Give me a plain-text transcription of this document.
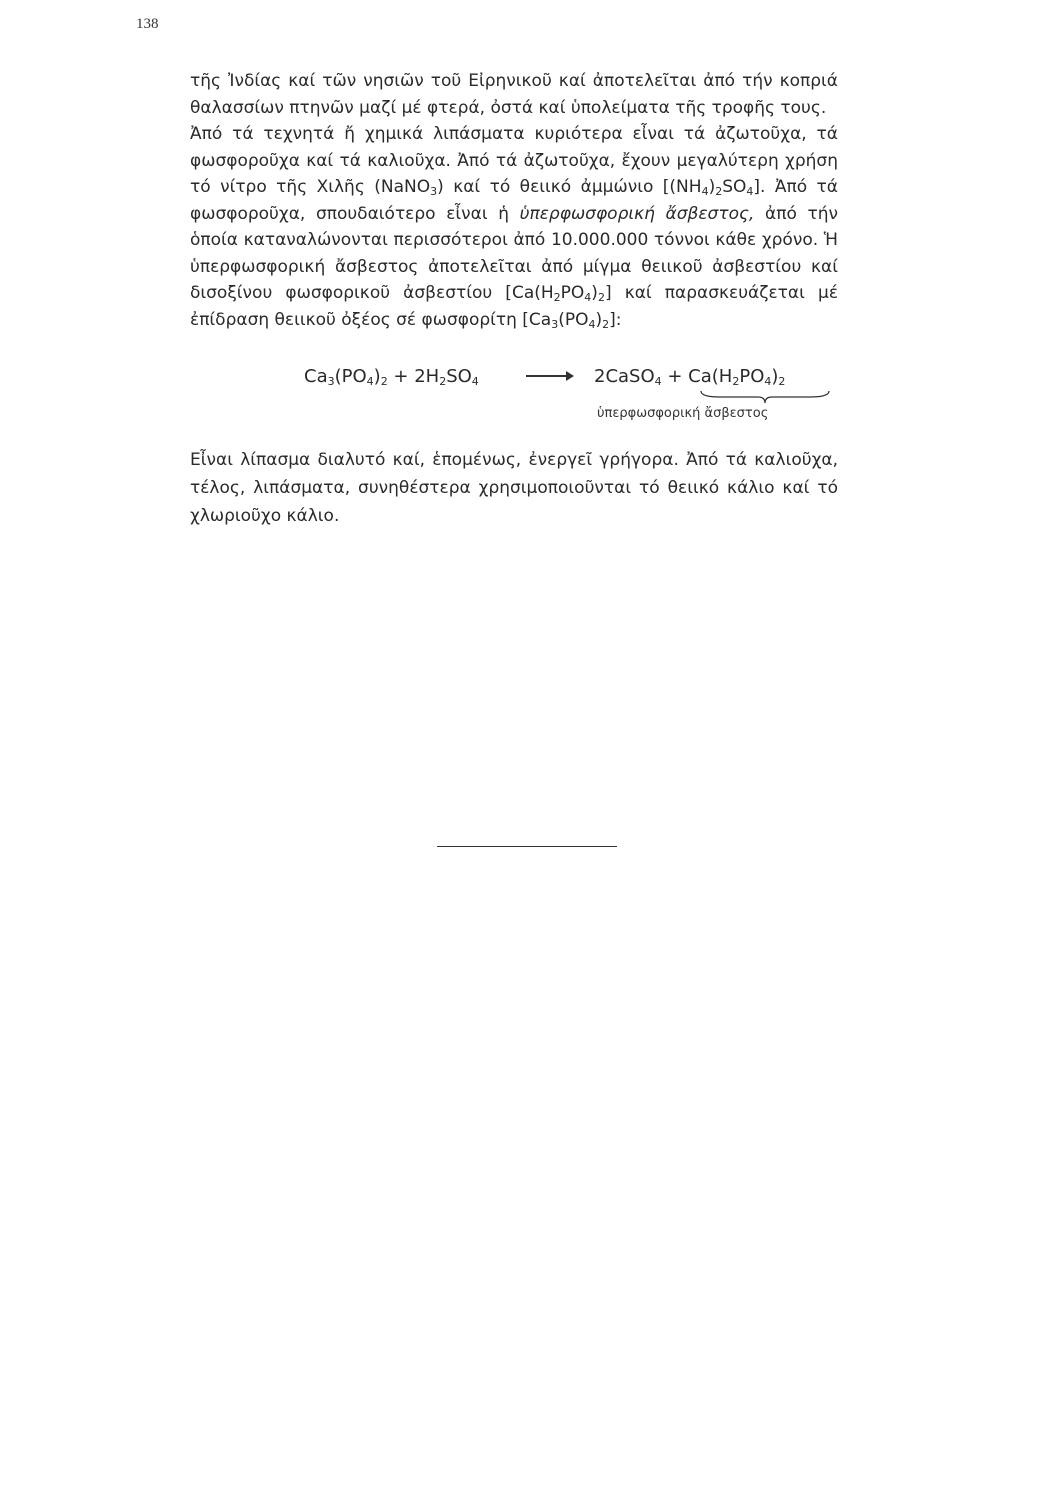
138

τῆς Ἰνδίας καί τῶν νησιῶν τοῦ Εἰρηνικοῦ καί ἀποτελεῖται ἀπό τήν κοπριά θαλασσίων πτηνῶν μαζί μέ φτερά, ὀστά καί ὑπολείματα τῆς τροφῆς τους.

Ἀπό τά τεχνητά ἤ χημικά λιπάσματα κυριότερα εἶναι τά ἀζωτοῦχα, τά φωσφοροῦχα καί τά καλιοῦχα. Ἀπό τά ἀζωτοῦχα, ἔχουν μεγαλύτερη χρήση τό νίτρο τῆς Χιλῆς (NaNO$_3$) καί τό θειικό ἀμμώνιο $[(NH_4)_2SO_4]$. Ἀπό τά φωσφοροῦχα, σπουδαιότερο εἶναι ἡ ὑπερφωσφορική ἄσβεστος, ἀπό τήν ὁποία καταναλώνονται περισσότεροι ἀπό 10.000.000 τόννοι κάθε χρόνο. Ἡ ὑπερφωσφορική ἄσβεστος ἀποτελεῖται ἀπό μίγμα θειικοῦ ἀσβεστίου καί δισοξίνου φωσφορικοῦ ἀσβεστίου $[Ca(H_2PO_4)_2]$ καί παρασκευάζεται μέ ἐπίδραση θειικοῦ ὀξέος σέ φωσφορίτη $[Ca_3(PO_4)_2]$:

$Ca_3(PO_4)_2 + 2H_2SO_4$	→ 2CaSO$_4$ + $Ca(H_2PO_4)_2$
ὑπερφωσφορική ἄσβεστος

Εἶναι λίπασμα διαλυτό καί, ἑπομένως, ἐνεργεῖ γρήγορα. Ἀπό τά καλιοῦχα, τέλος, λιπάσματα, συνηθέστερα χρησιμοποιοῦνται τό θειικό κάλιο καί τό χλωριοῦχο κάλιο.
